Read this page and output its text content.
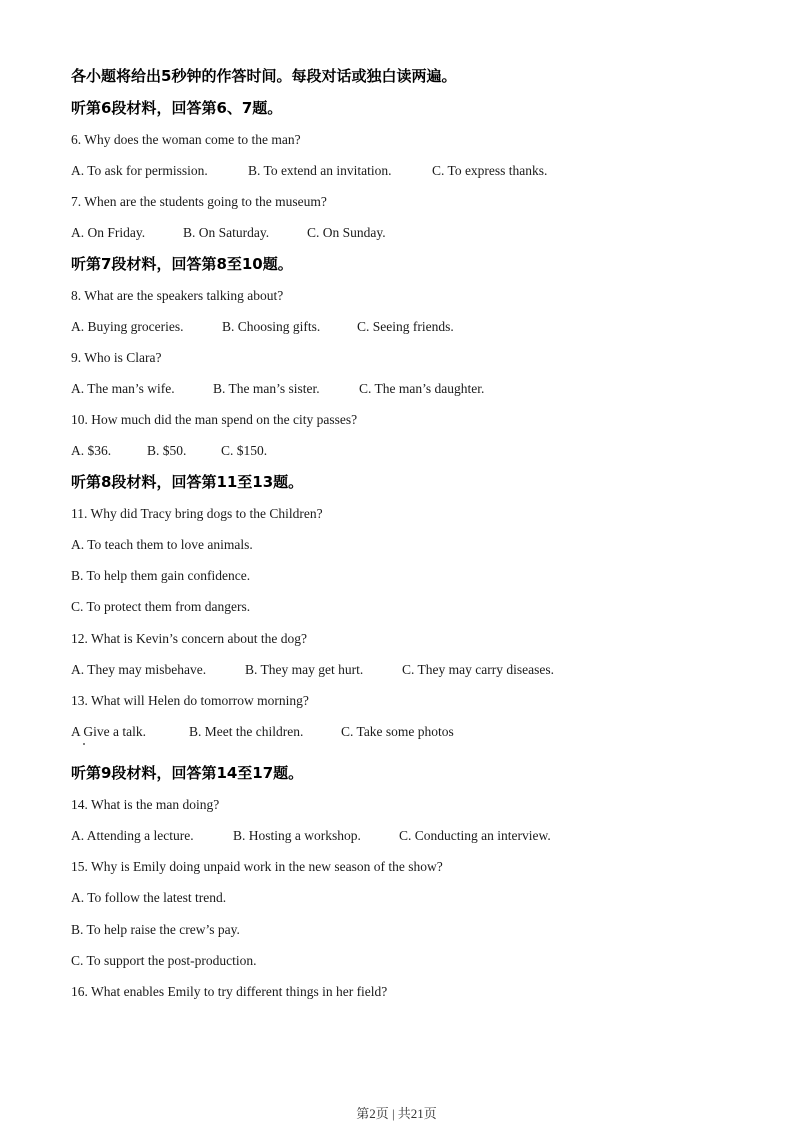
各小题将给出5秒钟的作答时间。每段对话或独白读两遍。
听第6段材料，回答第6、7题。
6. Why does the woman come to the man?
A. To ask for permission.	B. To extend an invitation.	C. To express thanks.
7. When are the students going to the museum?
A. On Friday.	B. On Saturday.	C. On Sunday.
听第7段材料，回答第8至10题。
8. What are the speakers talking about?
A. Buying groceries.	B. Choosing gifts.	C. Seeing friends.
9. Who is Clara?
A. The man’s wife.	B. The man’s sister.	C. The man’s daughter.
10. How much did the man spend on the city passes?
A. $36.	B. $50.	C. $150.
听第8段材料，回答第11至13题。
11. Why did Tracy bring dogs to the Children?
A. To teach them to love animals.
B. To help them gain confidence.
C. To protect them from dangers.
12. What is Kevin’s concern about the dog?
A. They may misbehave.	B. They may get hurt.	C. They may carry diseases.
13. What will Helen do tomorrow morning?
A Give a talk.	B. Meet the children.	C. Take some photos
听第9段材料，回答第14至17题。
14. What is the man doing?
A. Attending a lecture.	B. Hosting a workshop.	C. Conducting an interview.
15. Why is Emily doing unpaid work in the new season of the show?
A. To follow the latest trend.
B. To help raise the crew’s pay.
C. To support the post-production.
16. What enables Emily to try different things in her field?
第2页 | 共21页
